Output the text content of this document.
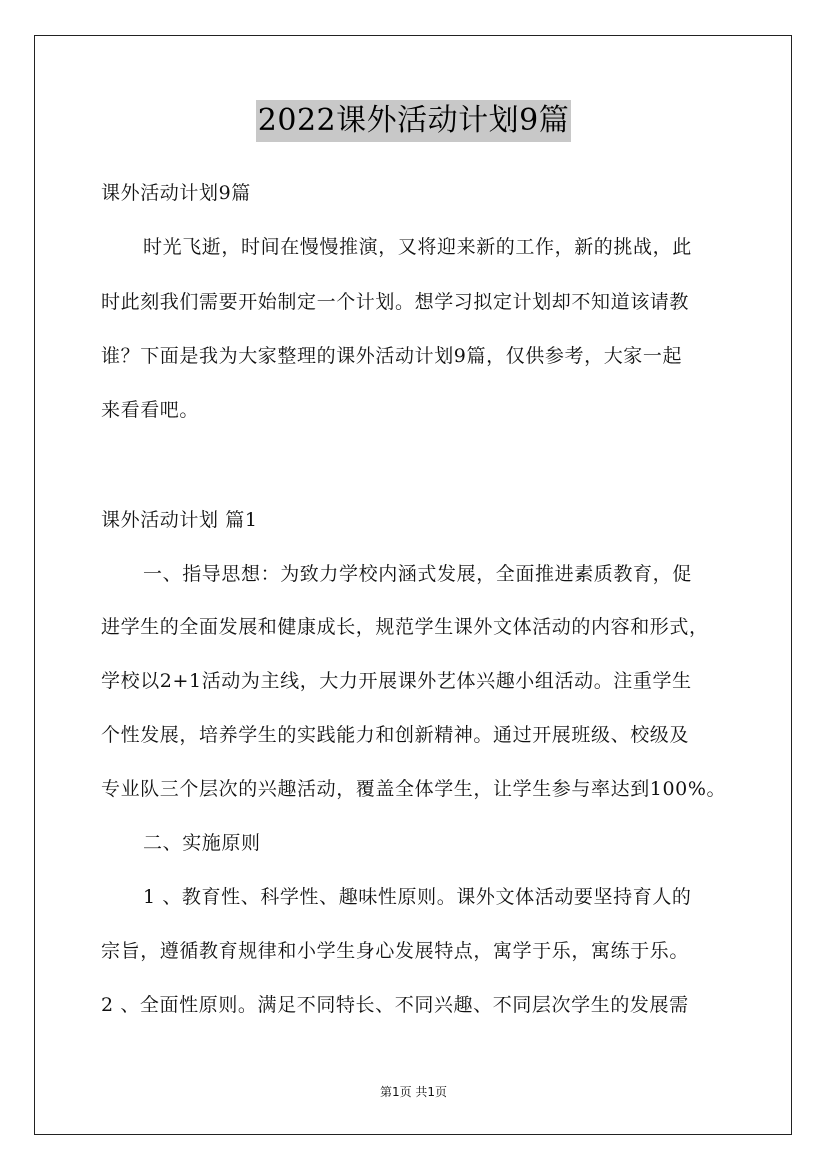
2022课外活动计划9篇
课外活动计划9篇
时光飞逝，时间在慢慢推演，又将迎来新的工作，新的挑战，此
时此刻我们需要开始制定一个计划。想学习拟定计划却不知道该请教
谁？下面是我为大家整理的课外活动计划9篇，仅供参考，大家一起
来看看吧。
课外活动计划 篇1
一、指导思想：为致力学校内涵式发展，全面推进素质教育，促
进学生的全面发展和健康成长，规范学生课外文体活动的内容和形式，
学校以2+1活动为主线，大力开展课外艺体兴趣小组活动。注重学生
个性发展，培养学生的实践能力和创新精神。通过开展班级、校级及
专业队三个层次的兴趣活动，覆盖全体学生，让学生参与率达到100%。
二、实施原则
1 、教育性、科学性、趣味性原则。课外文体活动要坚持育人的
宗旨，遵循教育规律和小学生身心发展特点，寓学于乐，寓练于乐。
2 、全面性原则。满足不同特长、不同兴趣、不同层次学生的发展需
第1页 共1页
